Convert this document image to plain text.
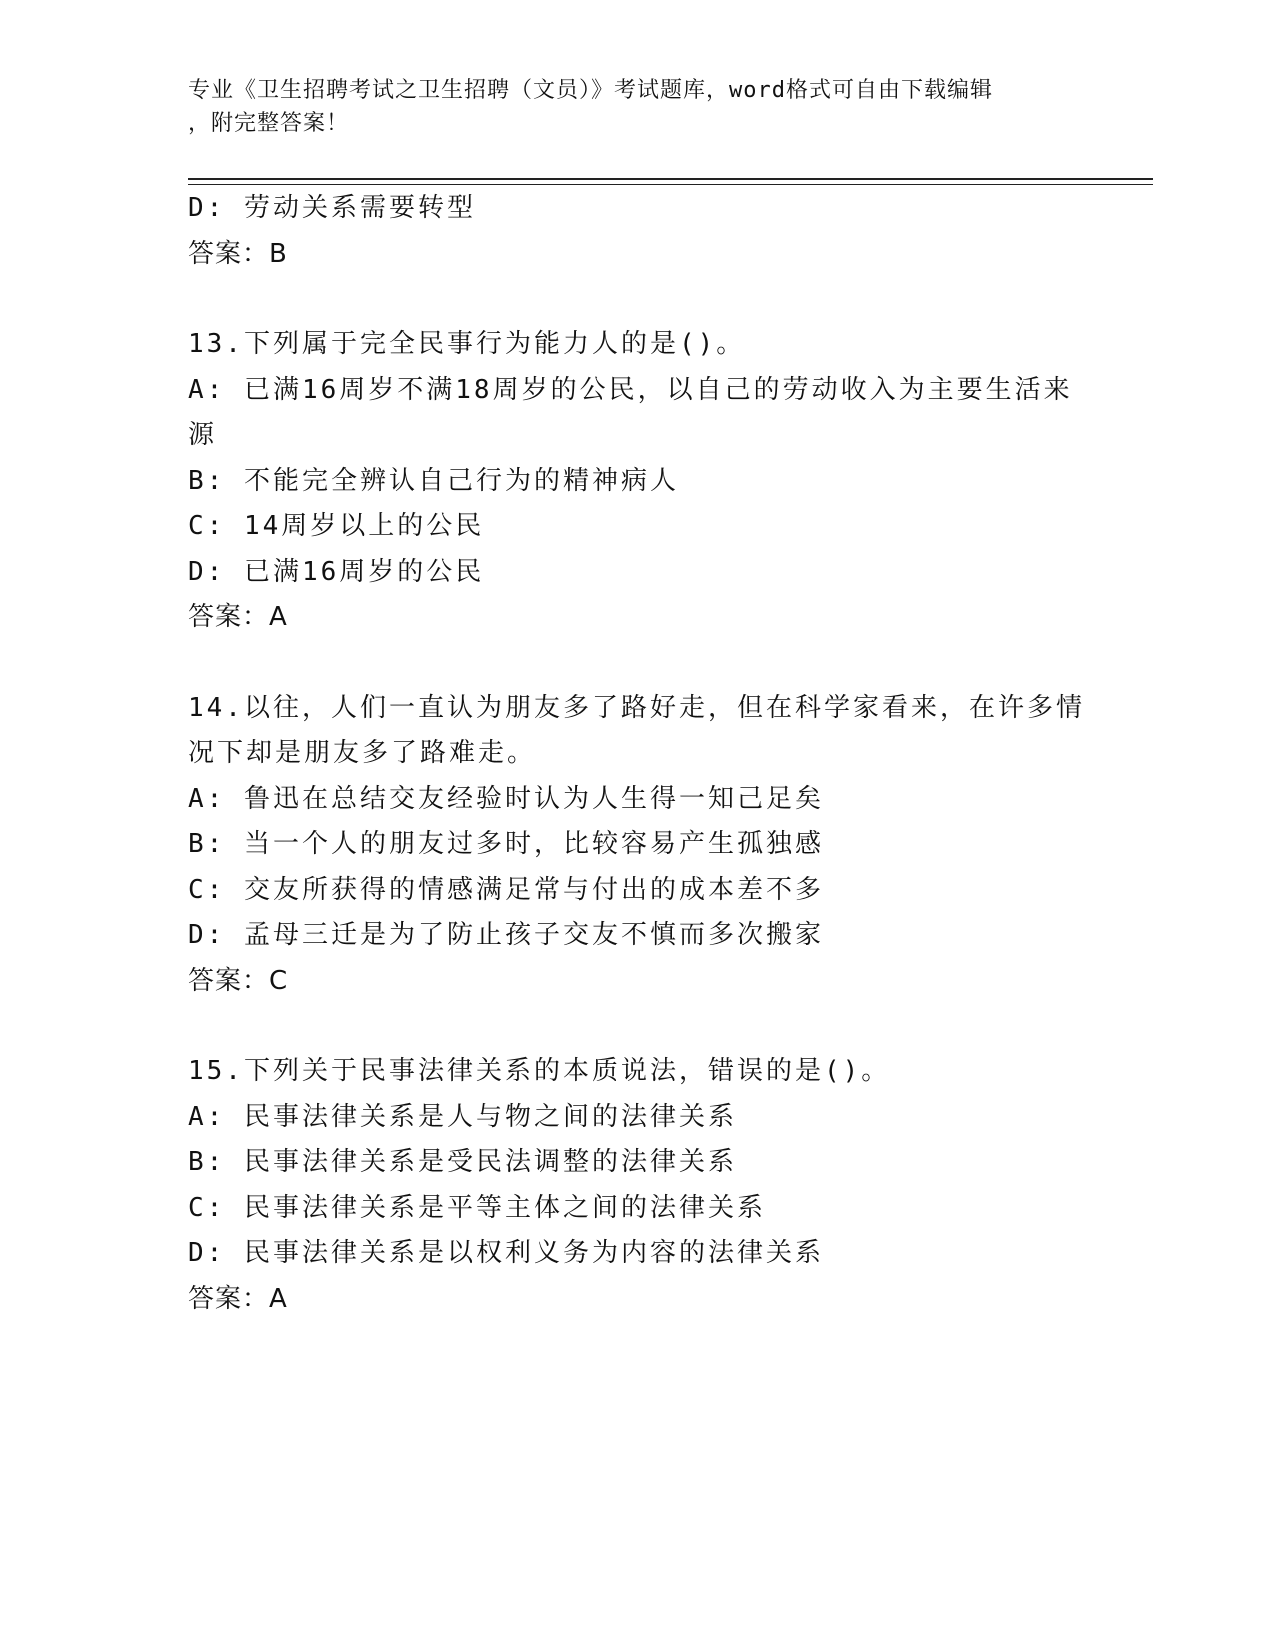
专业《卫生招聘考试之卫生招聘（文员）》考试题库，word格式可自由下载编辑
，附完整答案！
D: 劳动关系需要转型
答案：B
13.下列属于完全民事行为能力人的是()。
A: 已满16周岁不满18周岁的公民，以自己的劳动收入为主要生活来
源
B: 不能完全辨认自己行为的精神病人
C: 14周岁以上的公民
D: 已满16周岁的公民
答案：A
14.以往，人们一直认为朋友多了路好走，但在科学家看来，在许多情
况下却是朋友多了路难走。
A: 鲁迅在总结交友经验时认为人生得一知己足矣
B: 当一个人的朋友过多时，比较容易产生孤独感
C: 交友所获得的情感满足常与付出的成本差不多
D: 孟母三迁是为了防止孩子交友不慎而多次搬家
答案：C
15.下列关于民事法律关系的本质说法，错误的是()。
A: 民事法律关系是人与物之间的法律关系
B: 民事法律关系是受民法调整的法律关系
C: 民事法律关系是平等主体之间的法律关系
D: 民事法律关系是以权利义务为内容的法律关系
答案：A
